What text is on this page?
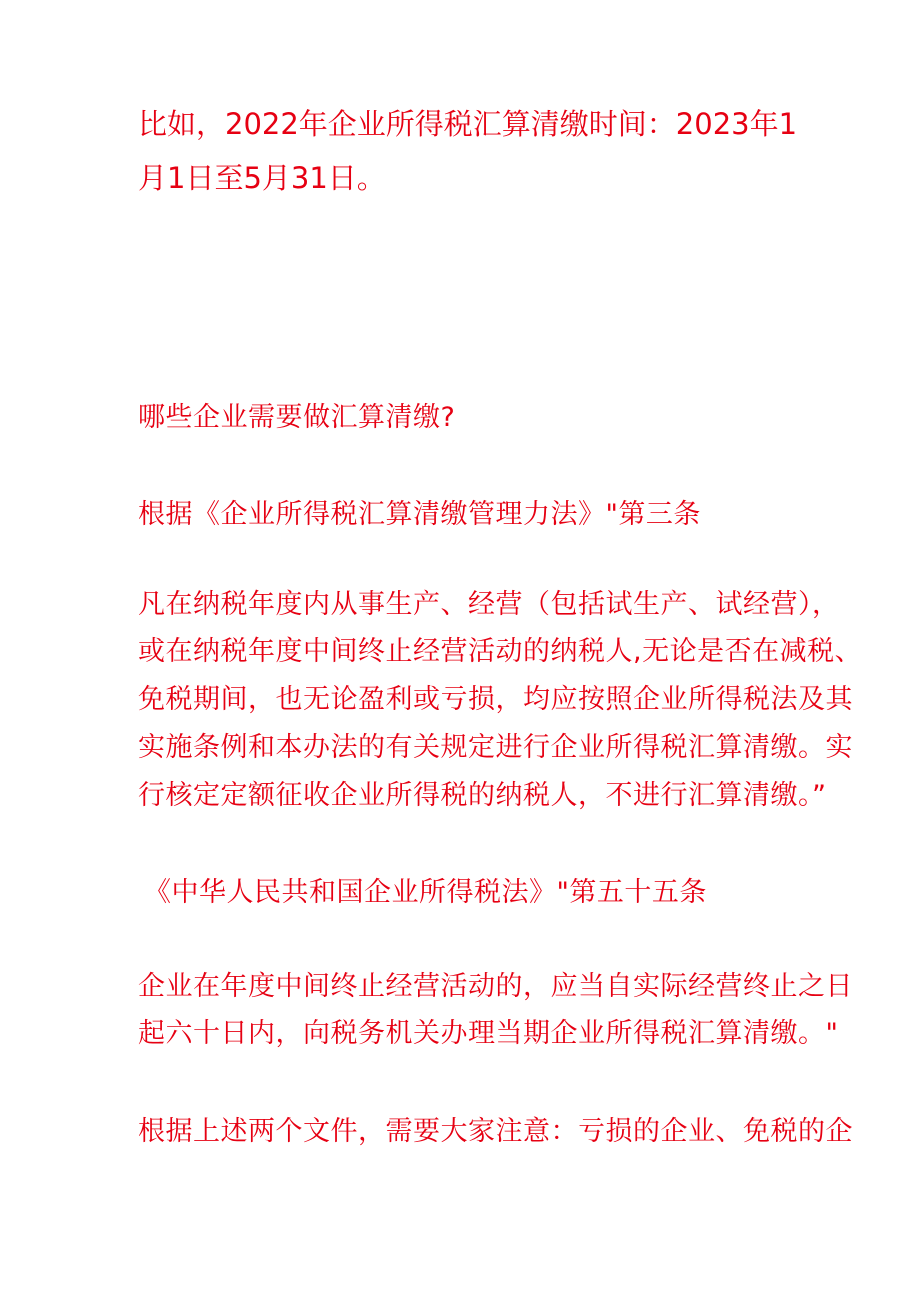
比如，2022年企业所得税汇算清缴时间：2023年1
月1日至5月31日。
哪些企业需要做汇算清缴?
根据《企业所得税汇算清缴管理力法》"第三条
凡在纳税年度内从事生产、经营（包括试生产、试经营），
或在纳税年度中间终止经营活动的纳税人,无论是否在减税、
免税期间，也无论盈利或亏损，均应按照企业所得税法及其
实施条例和本办法的有关规定进行企业所得税汇算清缴。实
行核定定额征收企业所得税的纳税人，不进行汇算清缴。”
《中华人民共和国企业所得税法》"第五十五条
企业在年度中间终止经营活动的，应当自实际经营终止之日
起六十日内，向税务机关办理当期企业所得税汇算清缴。"
根据上述两个文件，需要大家注意：亏损的企业、免税的企
